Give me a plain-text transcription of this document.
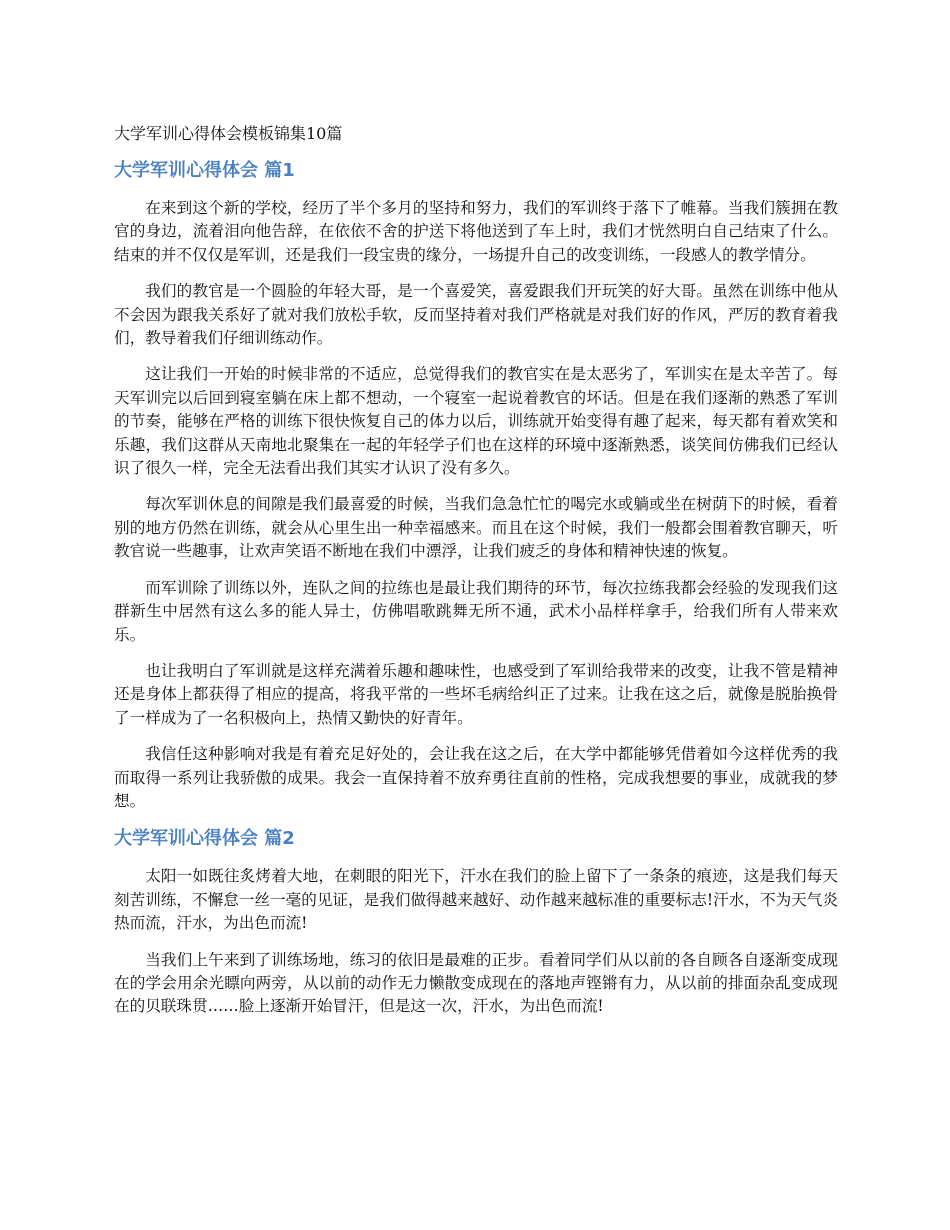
大学军训心得体会模板锦集10篇
大学军训心得体会 篇1

在来到这个新的学校，经历了半个多月的坚持和努力，我们的军训终于落下了帷幕。当我们簇拥在教官的身边，流着泪向他告辞，在依依不舍的护送下将他送到了车上时，我们才恍然明白自己结束了什么。结束的并不仅仅是军训，还是我们一段宝贵的缘分，一场提升自己的改变训练，一段感人的教学情分。

我们的教官是一个圆脸的年轻大哥，是一个喜爱笑，喜爱跟我们开玩笑的好大哥。虽然在训练中他从不会因为跟我关系好了就对我们放松手软，反而坚持着对我们严格就是对我们好的作风，严厉的教育着我们，教导着我们仔细训练动作。

这让我们一开始的时候非常的不适应，总觉得我们的教官实在是太恶劣了，军训实在是太辛苦了。每天军训完以后回到寝室躺在床上都不想动，一个寝室一起说着教官的坏话。但是在我们逐渐的熟悉了军训的节奏，能够在严格的训练下很快恢复自己的体力以后，训练就开始变得有趣了起来，每天都有着欢笑和乐趣，我们这群从天南地北聚集在一起的年轻学子们也在这样的环境中逐渐熟悉，谈笑间仿佛我们已经认识了很久一样，完全无法看出我们其实才认识了没有多久。

每次军训休息的间隙是我们最喜爱的时候，当我们急急忙忙的喝完水或躺或坐在树荫下的时候，看着别的地方仍然在训练，就会从心里生出一种幸福感来。而且在这个时候，我们一般都会围着教官聊天，听教官说一些趣事，让欢声笑语不断地在我们中漂浮，让我们疲乏的身体和精神快速的恢复。

而军训除了训练以外，连队之间的拉练也是最让我们期待的环节，每次拉练我都会经验的发现我们这群新生中居然有这么多的能人异士，仿佛唱歌跳舞无所不通，武术小品样样拿手，给我们所有人带来欢乐。

也让我明白了军训就是这样充满着乐趣和趣味性，也感受到了军训给我带来的改变，让我不管是精神还是身体上都获得了相应的提高，将我平常的一些坏毛病给纠正了过来。让我在这之后，就像是脱胎换骨了一样成为了一名积极向上，热情又勤快的好青年。

我信任这种影响对我是有着充足好处的，会让我在这之后，在大学中都能够凭借着如今这样优秀的我而取得一系列让我骄傲的成果。我会一直保持着不放弃勇往直前的性格，完成我想要的事业，成就我的梦想。

大学军训心得体会 篇2

太阳一如既往炙烤着大地，在刺眼的阳光下，汗水在我们的脸上留下了一条条的痕迹，这是我们每天刻苦训练，不懈怠一丝一毫的见证，是我们做得越来越好、动作越来越标准的重要标志!汗水，不为天气炎热而流，汗水，为出色而流!

当我们上午来到了训练场地，练习的依旧是最难的正步。看着同学们从以前的各自顾各自逐渐变成现在的学会用余光瞟向两旁，从以前的动作无力懒散变成现在的落地声铿锵有力，从以前的排面杂乱变成现在的贝联珠贯……脸上逐渐开始冒汗，但是这一次，汗水，为出色而流!
